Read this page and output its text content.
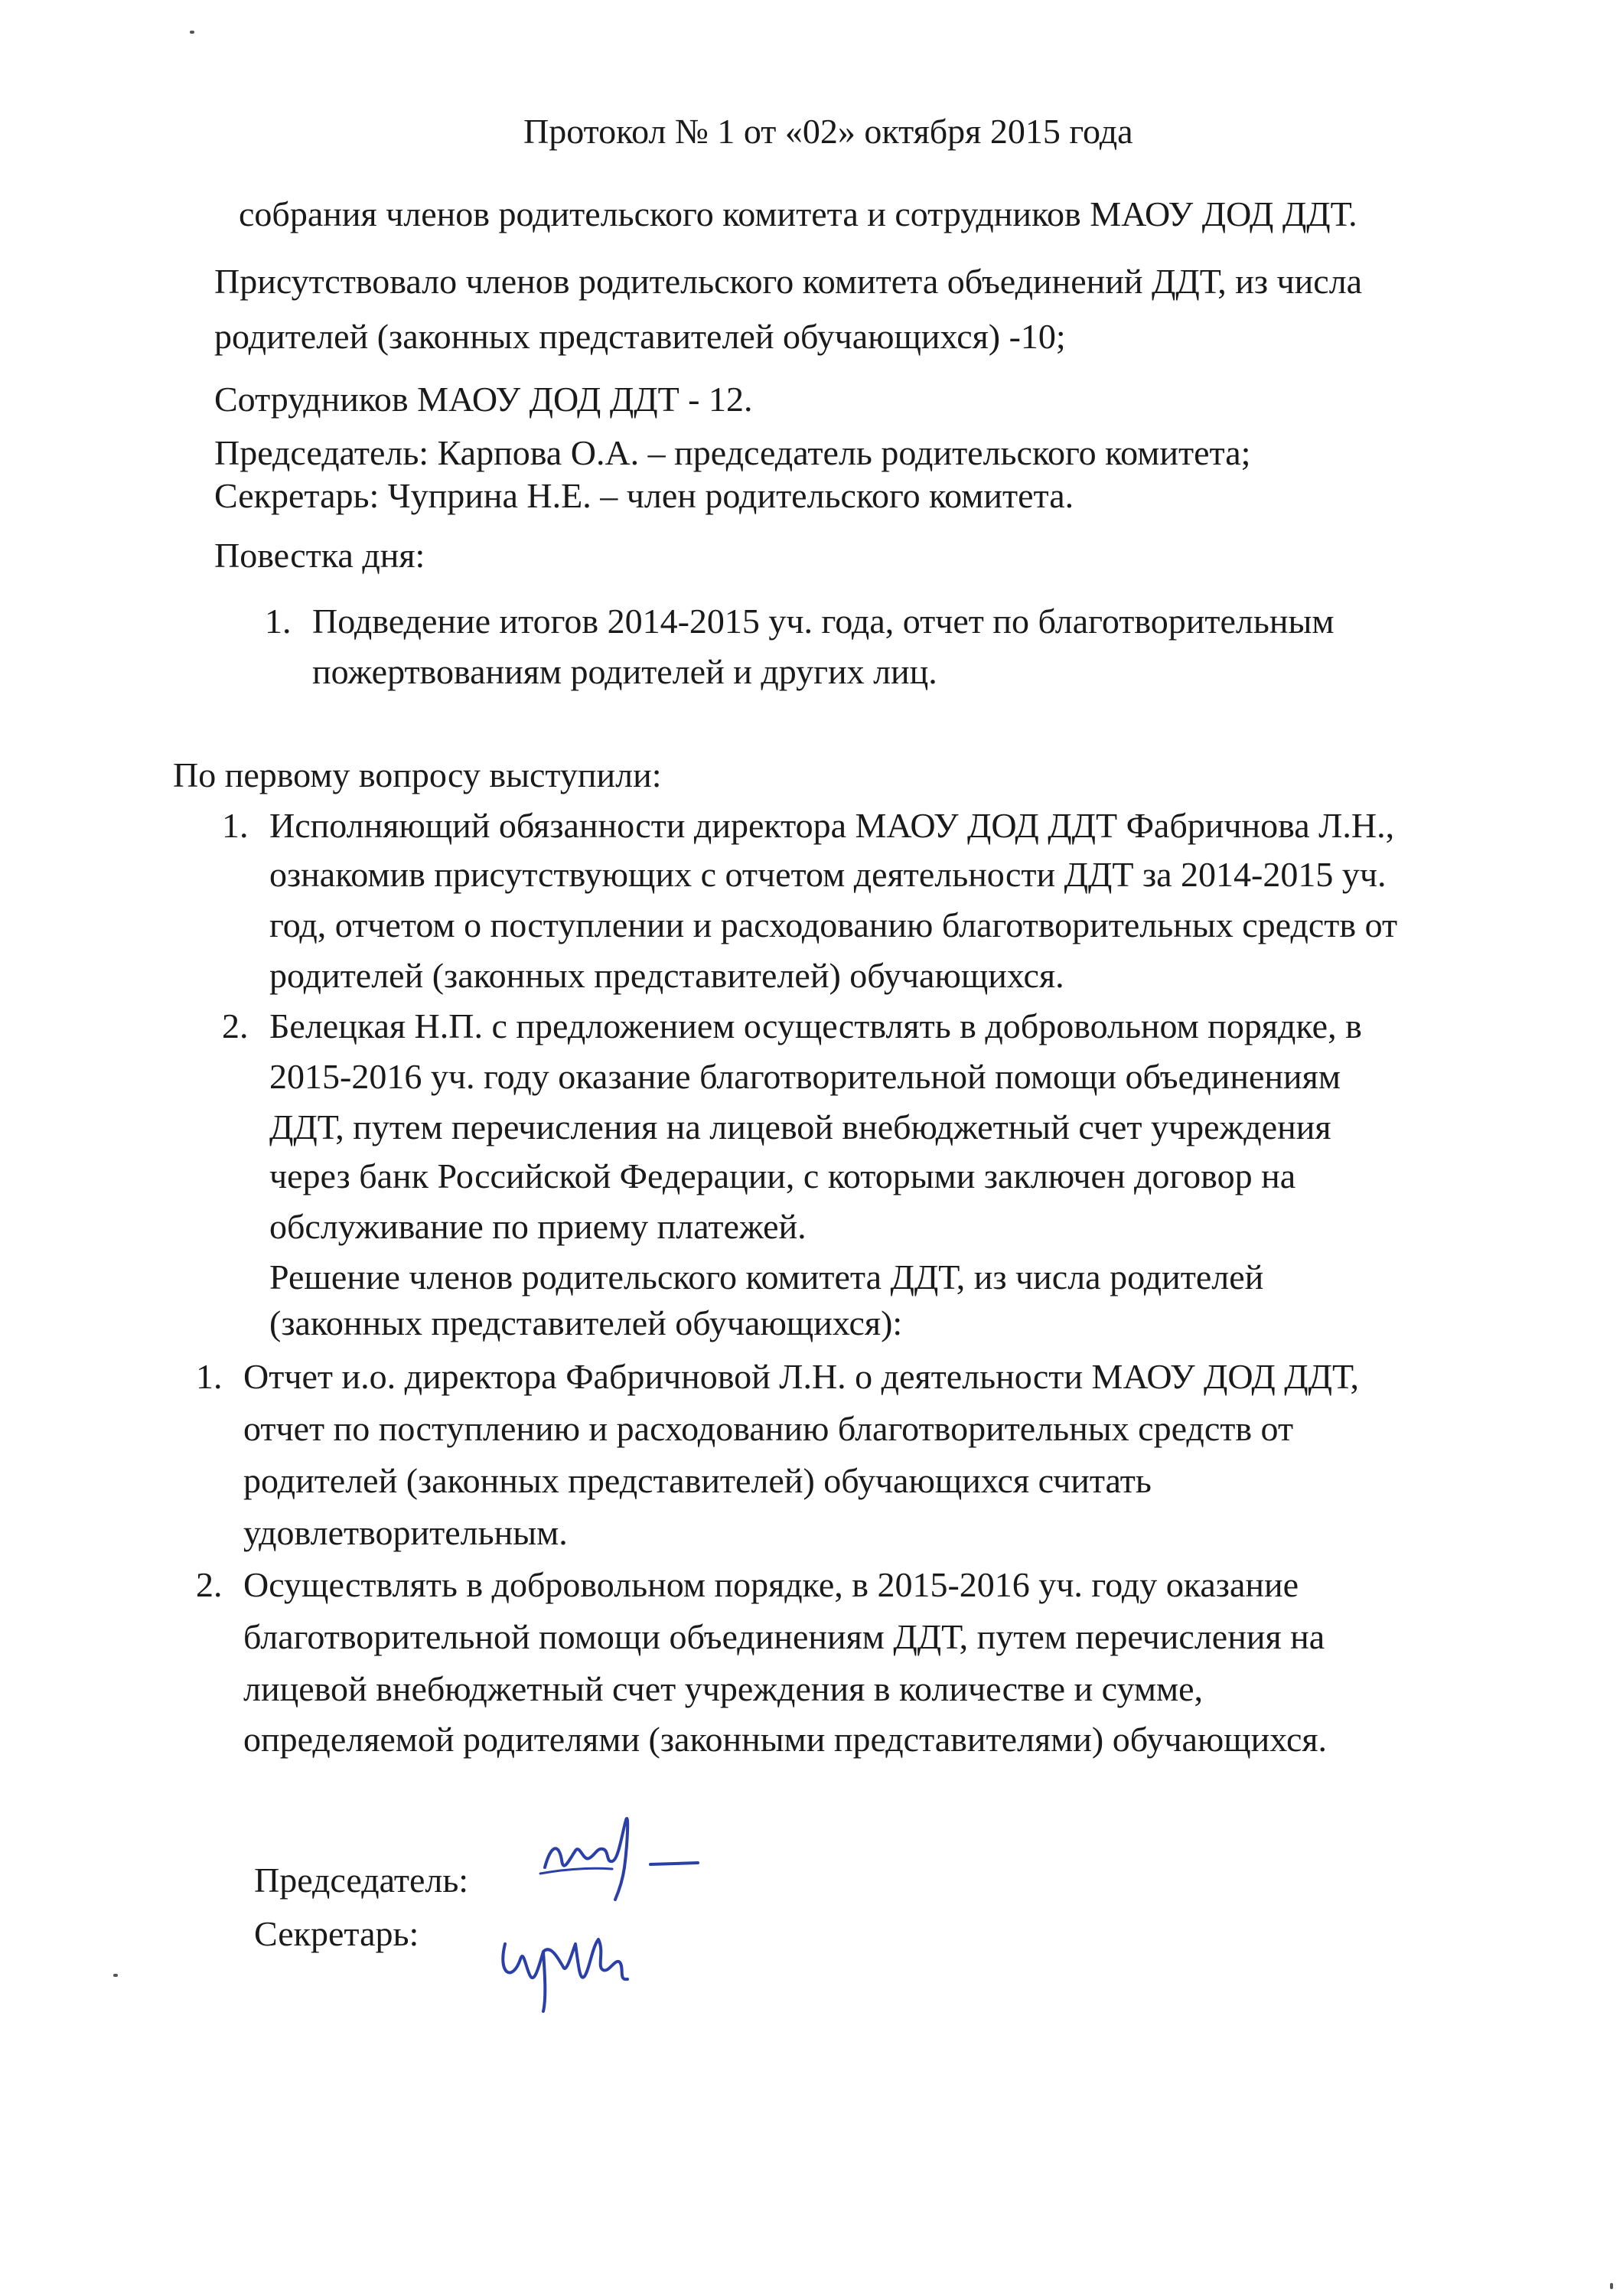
Протокол № 1 от «02» октября 2015 года
собрания членов родительского комитета и сотрудников МАОУ ДОД ДДТ.
Присутствовало членов родительского комитета объединений ДДТ, из числа
родителей (законных представителей обучающихся) -10;
Сотрудников МАОУ ДОД ДДТ - 12.
Председатель: Карпова О.А. – председатель родительского комитета;
Секретарь: Чуприна Н.Е. – член родительского комитета.
Повестка дня:
1. Подведение итогов 2014-2015 уч. года, отчет по благотворительным
пожертвованиям родителей и других лиц.
По первому вопросу выступили:
1. Исполняющий обязанности директора МАОУ ДОД ДДТ Фабричнова Л.Н.,
ознакомив присутствующих с отчетом деятельности ДДТ за 2014-2015 уч.
год, отчетом о поступлении и расходованию благотворительных средств от
родителей (законных представителей) обучающихся.
2. Белецкая Н.П. с предложением осуществлять в добровольном порядке, в
2015-2016 уч. году оказание благотворительной помощи объединениям
ДДТ, путем перечисления на лицевой внебюджетный счет учреждения
через банк Российской Федерации, с которыми заключен договор на
обслуживание по приему платежей.
Решение членов родительского комитета ДДТ, из числа родителей
(законных представителей обучающихся):
1. Отчет и.о. директора Фабричновой Л.Н. о деятельности МАОУ ДОД ДДТ,
отчет по поступлению и расходованию благотворительных средств от
родителей (законных представителей) обучающихся считать
удовлетворительным.
2. Осуществлять в добровольном порядке, в 2015-2016 уч. году оказание
благотворительной помощи объединениям ДДТ, путем перечисления на
лицевой внебюджетный счет учреждения в количестве и сумме,
определяемой родителями (законными представителями) обучающихся.
Председатель:
Секретарь:
